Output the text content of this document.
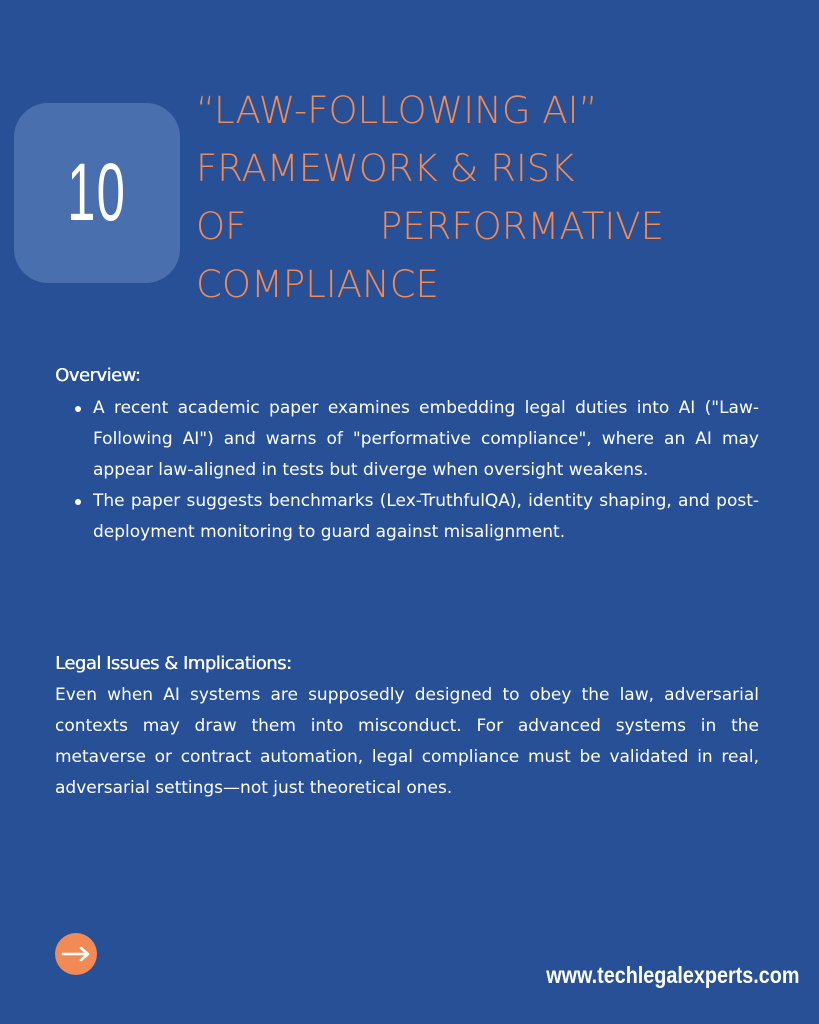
10
“LAW-FOLLOWING AI”
FRAMEWORK & RISK
OF	PERFORMATIVE
COMPLIANCE
Overview:
A recent academic paper examines embedding legal duties into AI ("Law-Following AI") and warns of "performative compliance", where an AI may appear law-aligned in tests but diverge when oversight weakens.
The paper suggests benchmarks (Lex-TruthfulQA), identity shaping, and post-deployment monitoring to guard against misalignment.
Legal Issues & Implications:

Even when AI systems are supposedly designed to obey the law, adversarial contexts may draw them into misconduct. For advanced systems in the metaverse or contract automation, legal compliance must be validated in real, adversarial settings—not just theoretical ones.

www.techlegalexperts.com
